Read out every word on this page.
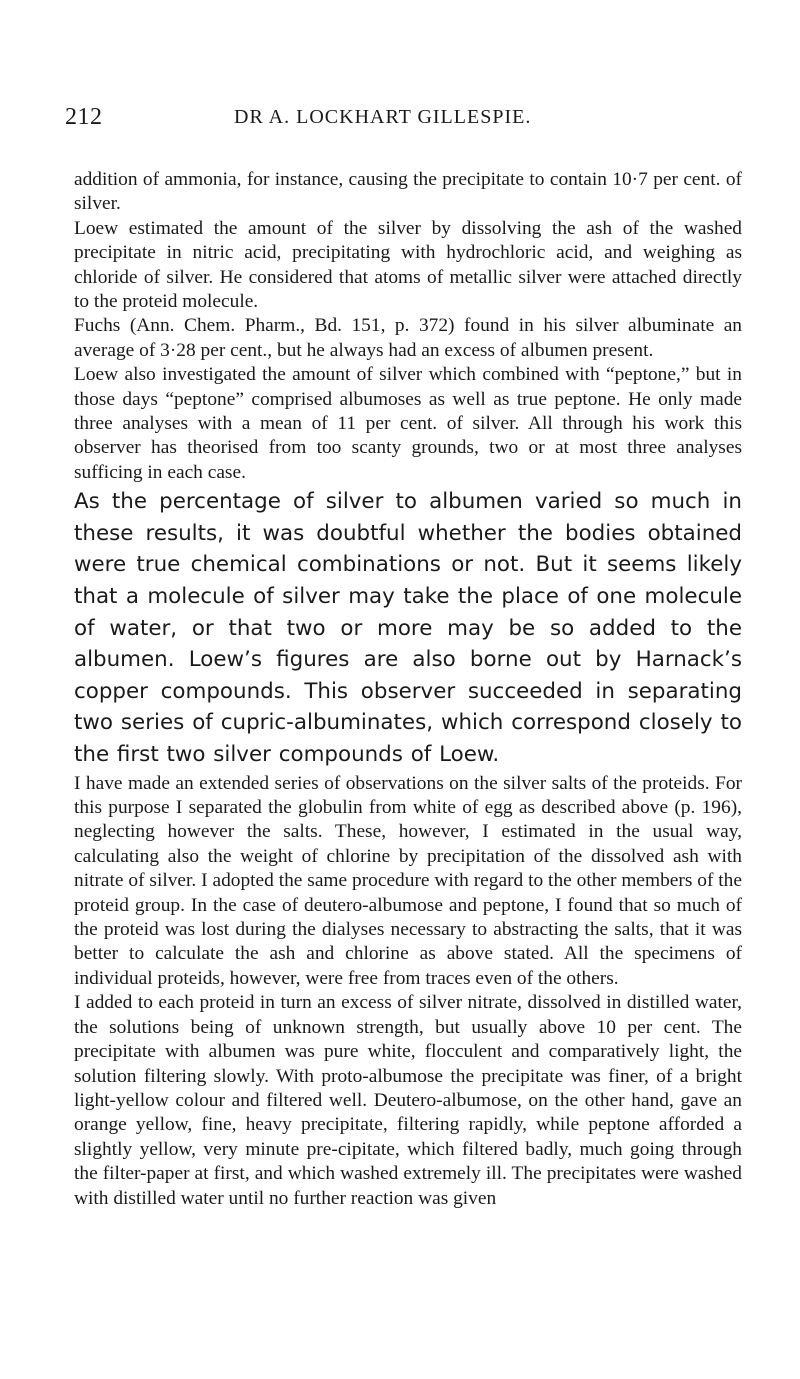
212	DR A. LOCKHART GILLESPIE.

addition of ammonia, for instance, causing the precipitate to contain 10·7 per cent. of silver.

Loew estimated the amount of the silver by dissolving the ash of the washed precipitate in nitric acid, precipitating with hydrochloric acid, and weighing as chloride of silver. He considered that atoms of metallic silver were attached directly to the proteid molecule.

Fuchs (Ann. Chem. Pharm., Bd. 151, p. 372) found in his silver albuminate an average of 3·28 per cent., but he always had an excess of albumen present.

Loew also investigated the amount of silver which combined with “peptone,” but in those days “peptone” comprised albumoses as well as true peptone. He only made three analyses with a mean of 11 per cent. of silver. All through his work this observer has theorised from too scanty grounds, two or at most three analyses sufficing in each case.

As the percentage of silver to albumen varied so much in these results, it was doubtful whether the bodies obtained were true chemical combinations or not. But it seems likely that a molecule of silver may take the place of one molecule of water, or that two or more may be so added to the albumen. Loew’s figures are also borne out by Harnack’s copper compounds. This observer succeeded in separating two series of cupric-albuminates, which correspond closely to the first two silver compounds of Loew.

I have made an extended series of observations on the silver salts of the proteids. For this purpose I separated the globulin from white of egg as described above (p. 196), neglecting however the salts. These, however, I estimated in the usual way, calculating also the weight of chlorine by precipitation of the dissolved ash with nitrate of silver. I adopted the same procedure with regard to the other members of the proteid group. In the case of deutero-albumose and peptone, I found that so much of the proteid was lost during the dialyses necessary to abstracting the salts, that it was better to calculate the ash and chlorine as above stated. All the specimens of individual proteids, however, were free from traces even of the others.

I added to each proteid in turn an excess of silver nitrate, dissolved in distilled water, the solutions being of unknown strength, but usually above 10 per cent. The precipitate with albumen was pure white, flocculent and comparatively light, the solution filtering slowly. With proto-albumose the precipitate was finer, of a bright light-yellow colour and filtered well. Deutero-albumose, on the other hand, gave an orange yellow, fine, heavy precipitate, filtering rapidly, while peptone afforded a slightly yellow, very minute pre-cipitate, which filtered badly, much going through the filter-paper at first, and which washed extremely ill. The precipitates were washed with distilled water until no further reaction was given
